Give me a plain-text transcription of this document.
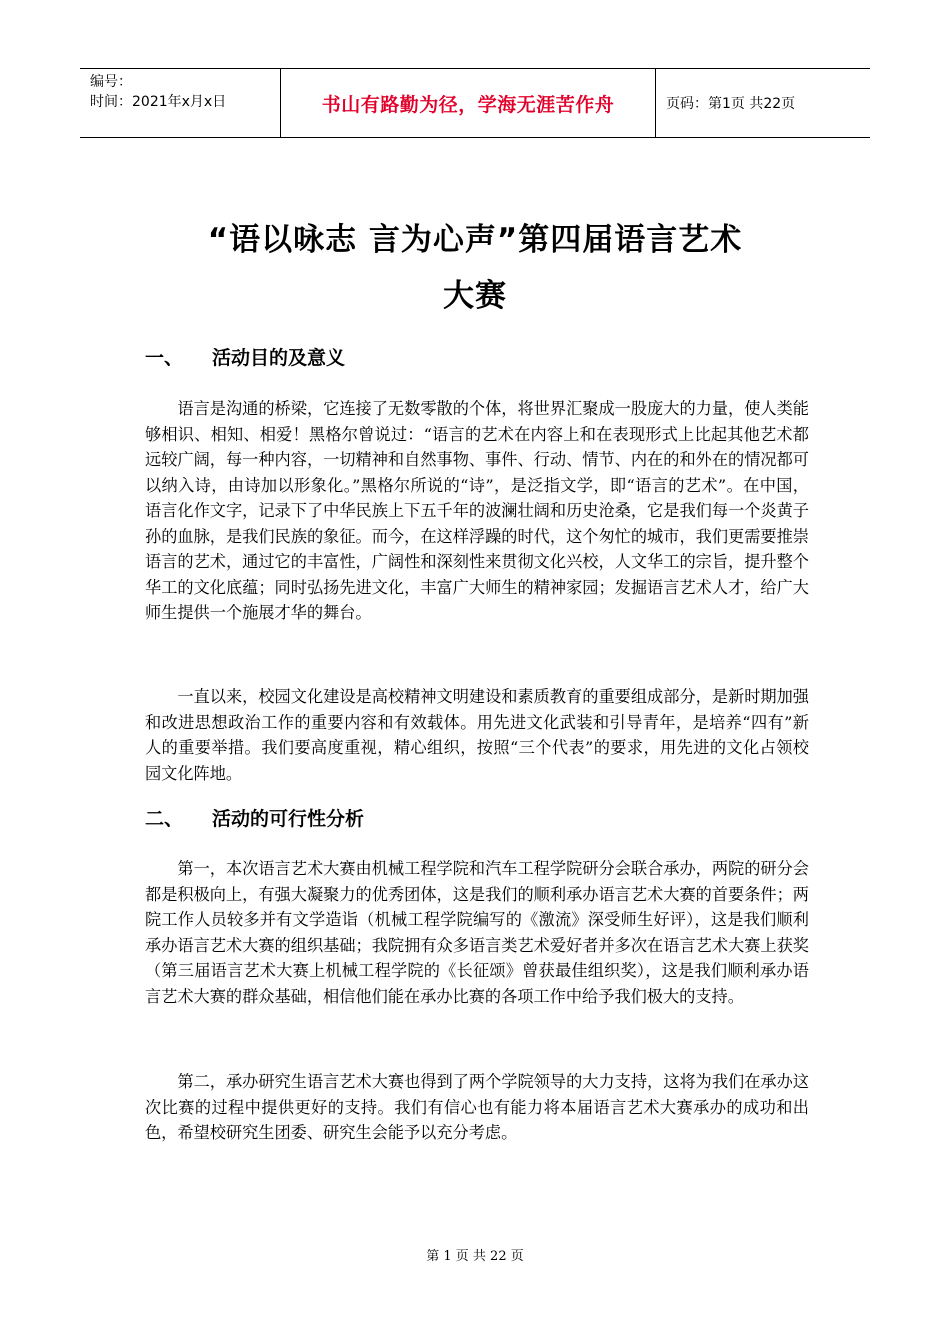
编号：
时间：2021年x月x日	书山有路勤为径，学海无涯苦作舟	页码：第1页 共22页
“语以咏志 言为心声”第四届语言艺术
大赛
一、 活动目的及意义

语言是沟通的桥梁，它连接了无数零散的个体，将世界汇聚成一股庞大的力量，使人类能够相识、相知、相爱！黑格尔曾说过：“语言的艺术在内容上和在表现形式上比起其他艺术都远较广阔，每一种内容，一切精神和自然事物、事件、行动、情节、内在的和外在的情况都可以纳入诗，由诗加以形象化。”黑格尔所说的“诗”，是泛指文学，即“语言的艺术”。在中国，语言化作文字，记录下了中华民族上下五千年的波澜壮阔和历史沧桑，它是我们每一个炎黄子孙的血脉，是我们民族的象征。而今，在这样浮躁的时代，这个匆忙的城市，我们更需要推崇语言的艺术，通过它的丰富性，广阔性和深刻性来贯彻文化兴校，人文华工的宗旨，提升整个华工的文化底蕴；同时弘扬先进文化，丰富广大师生的精神家园；发掘语言艺术人才，给广大师生提供一个施展才华的舞台。

一直以来，校园文化建设是高校精神文明建设和素质教育的重要组成部分，是新时期加强和改进思想政治工作的重要内容和有效载体。用先进文化武装和引导青年，是培养“四有”新人的重要举措。我们要高度重视，精心组织，按照“三个代表”的要求，用先进的文化占领校园文化阵地。

二、 活动的可行性分析

第一，本次语言艺术大赛由机械工程学院和汽车工程学院研分会联合承办，两院的研分会都是积极向上，有强大凝聚力的优秀团体，这是我们的顺利承办语言艺术大赛的首要条件；两院工作人员较多并有文学造诣（机械工程学院编写的《激流》深受师生好评），这是我们顺利承办语言艺术大赛的组织基础；我院拥有众多语言类艺术爱好者并多次在语言艺术大赛上获奖（第三届语言艺术大赛上机械工程学院的《长征颂》曾获最佳组织奖），这是我们顺利承办语言艺术大赛的群众基础，相信他们能在承办比赛的各项工作中给予我们极大的支持。

第二，承办研究生语言艺术大赛也得到了两个学院领导的大力支持，这将为我们在承办这次比赛的过程中提供更好的支持。我们有信心也有能力将本届语言艺术大赛承办的成功和出色，希望校研究生团委、研究生会能予以充分考虑。

第 1 页 共 22 页
